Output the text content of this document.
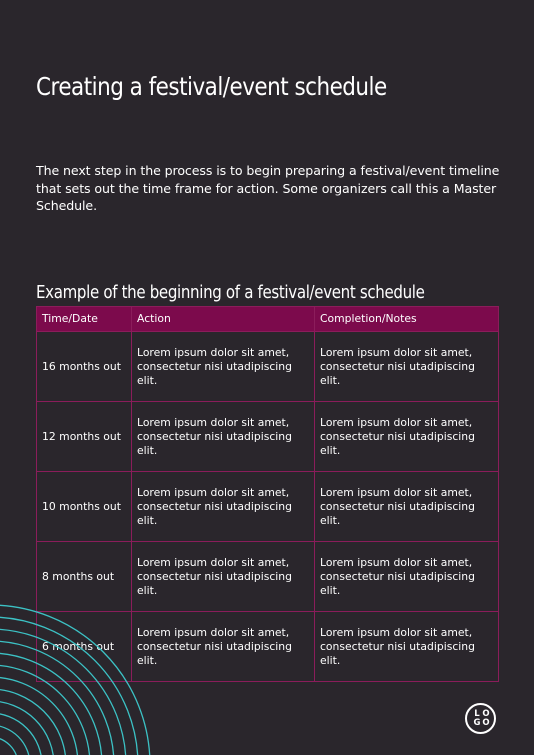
Creating a festival/event schedule

The next step in the process is to begin preparing a festival/event timeline that sets out the time frame for action. Some organizers call this a Master Schedule.

Example of the beginning of a festival/event schedule
Time/Date	Action	Completion/Notes
16 months out	Lorem ipsum dolor sit amet, consectetur nisi utadipiscing elit.	Lorem ipsum dolor sit amet, consectetur nisi utadipiscing elit.
12 months out	Lorem ipsum dolor sit amet, consectetur nisi utadipiscing elit.	Lorem ipsum dolor sit amet, consectetur nisi utadipiscing elit.
10 months out	Lorem ipsum dolor sit amet, consectetur nisi utadipiscing elit.	Lorem ipsum dolor sit amet, consectetur nisi utadipiscing elit.
8 months out	Lorem ipsum dolor sit amet, consectetur nisi utadipiscing elit.	Lorem ipsum dolor sit amet, consectetur nisi utadipiscing elit.
6 months out	Lorem ipsum dolor sit amet, consectetur nisi utadipiscing elit.	Lorem ipsum dolor sit amet, consectetur nisi utadipiscing elit.
L O
G O
